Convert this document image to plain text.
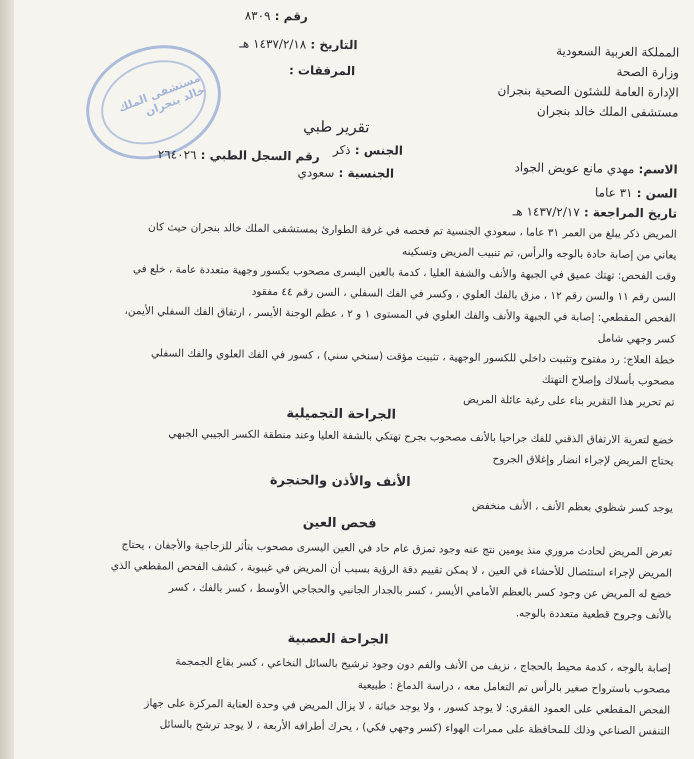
المملكة العربية السعودية
وزارة الصحة
الإدارة العامة للشئون الصحية بنجران
مستشفى الملك خالد بنجران
رقم : ٨٣٠٩
التاريخ : ١٤٣٧/٢/١٨ هـ
المرفقات :
مستشفى الملك خالد بنجران
تقرير طبي
الجنس : ذكر
الجنسية : سعودي
رقم السجل الطبي : ٢٦٤٠٢٦
الاسم: مهدي مانع عويض الجواد
السن : ٣١ عاما
تاريخ المراجعة : ١٤٣٧/٢/١٧ هـ
المريض ذكر يبلغ من العمر ٣١ عاما ، سعودي الجنسية تم فحصه في غرفة الطوارئ بمستشفى الملك خالد بنجران حيث كان
يعاني من إصابة حادة بالوجه والرأس، تم تنبيب المريض وتسكينه
وقت الفحص: تهتك عميق في الجبهة والأنف والشفة العليا ، كدمة بالعين اليسرى مصحوب بكسور وجهية متعددة عامة ، خلع في
السن رقم ١١ والسن رقم ١٢ ، مزق بالفك العلوي ، وكسر في الفك السفلي ، السن رقم ٤٤ مفقود
الفحص المقطعي: إصابة في الجبهة والأنف والفك العلوي في المستوى ١ و ٢ ، عظم الوجنة الأيسر ، ارتفاق الفك السفلي الأيمن،
كسر وجهي شامل
خطة العلاج: رد مفتوح وتثبيت داخلي للكسور الوجهية ، تثبيت مؤقت (سنخي سني) ، كسور في الفك العلوي والفك السفلي
مصحوب بأسلاك وإصلاح التهتك
تم تحرير هذا التقرير بناء على رغبة عائلة المريض
الجراحة التجميلية
خضع لتعرية الارتفاق الذقني للفك جراحيا بالأنف مصحوب بجرح تهتكي بالشفة العليا وعند منطقة الكسر الجيبي الجبهي
يحتاج المريض لإجراء انضار وإغلاق الجروح
الأنف والأذن والحنجرة
يوجد كسر شظوي بعظم الأنف ، الأنف منخفض
فحص العين
تعرض المريض لحادث مروري منذ يومين نتج عنه وجود تمزق عام حاد في العين اليسرى مصحوب بتأثر للزجاجية والأجفان ، يحتاج
المريض لإجراء استئصال للأحشاء في العين ، لا يمكن تقييم دقة الرؤية بسبب أن المريض في غيبوبة ، كشف الفحص المقطعي الذي
خضع له المريض عن وجود كسر بالعظم الأمامي الأيسر ، كسر بالجدار الجانبي والحجاجي الأوسط ، كسر بالفك ، كسر
بالأنف وجروح قطعية متعددة بالوجه.
الجراحة العصبية
إصابة بالوجه ، كدمة محيط بالحجاج ، نزيف من الأنف والفم دون وجود ترشيح بالسائل النخاعي ، كسر بقاع الجمجمة
مصحوب باسترواح صغير بالرأس تم التعامل معه ، دراسة الدماغ : طبيعية
الفحص المقطعي على العمود الفقري: لا يوجد كسور ، ولا يوجد خباثة ، لا يزال المريض في وحدة العناية المركزة على جهاز
التنفس الصناعي وذلك للمحافظة على ممرات الهواء (كسر وجهي فكي) ، يحرك أطرافه الأربعة ، لا يوجد ترشح بالسائل
